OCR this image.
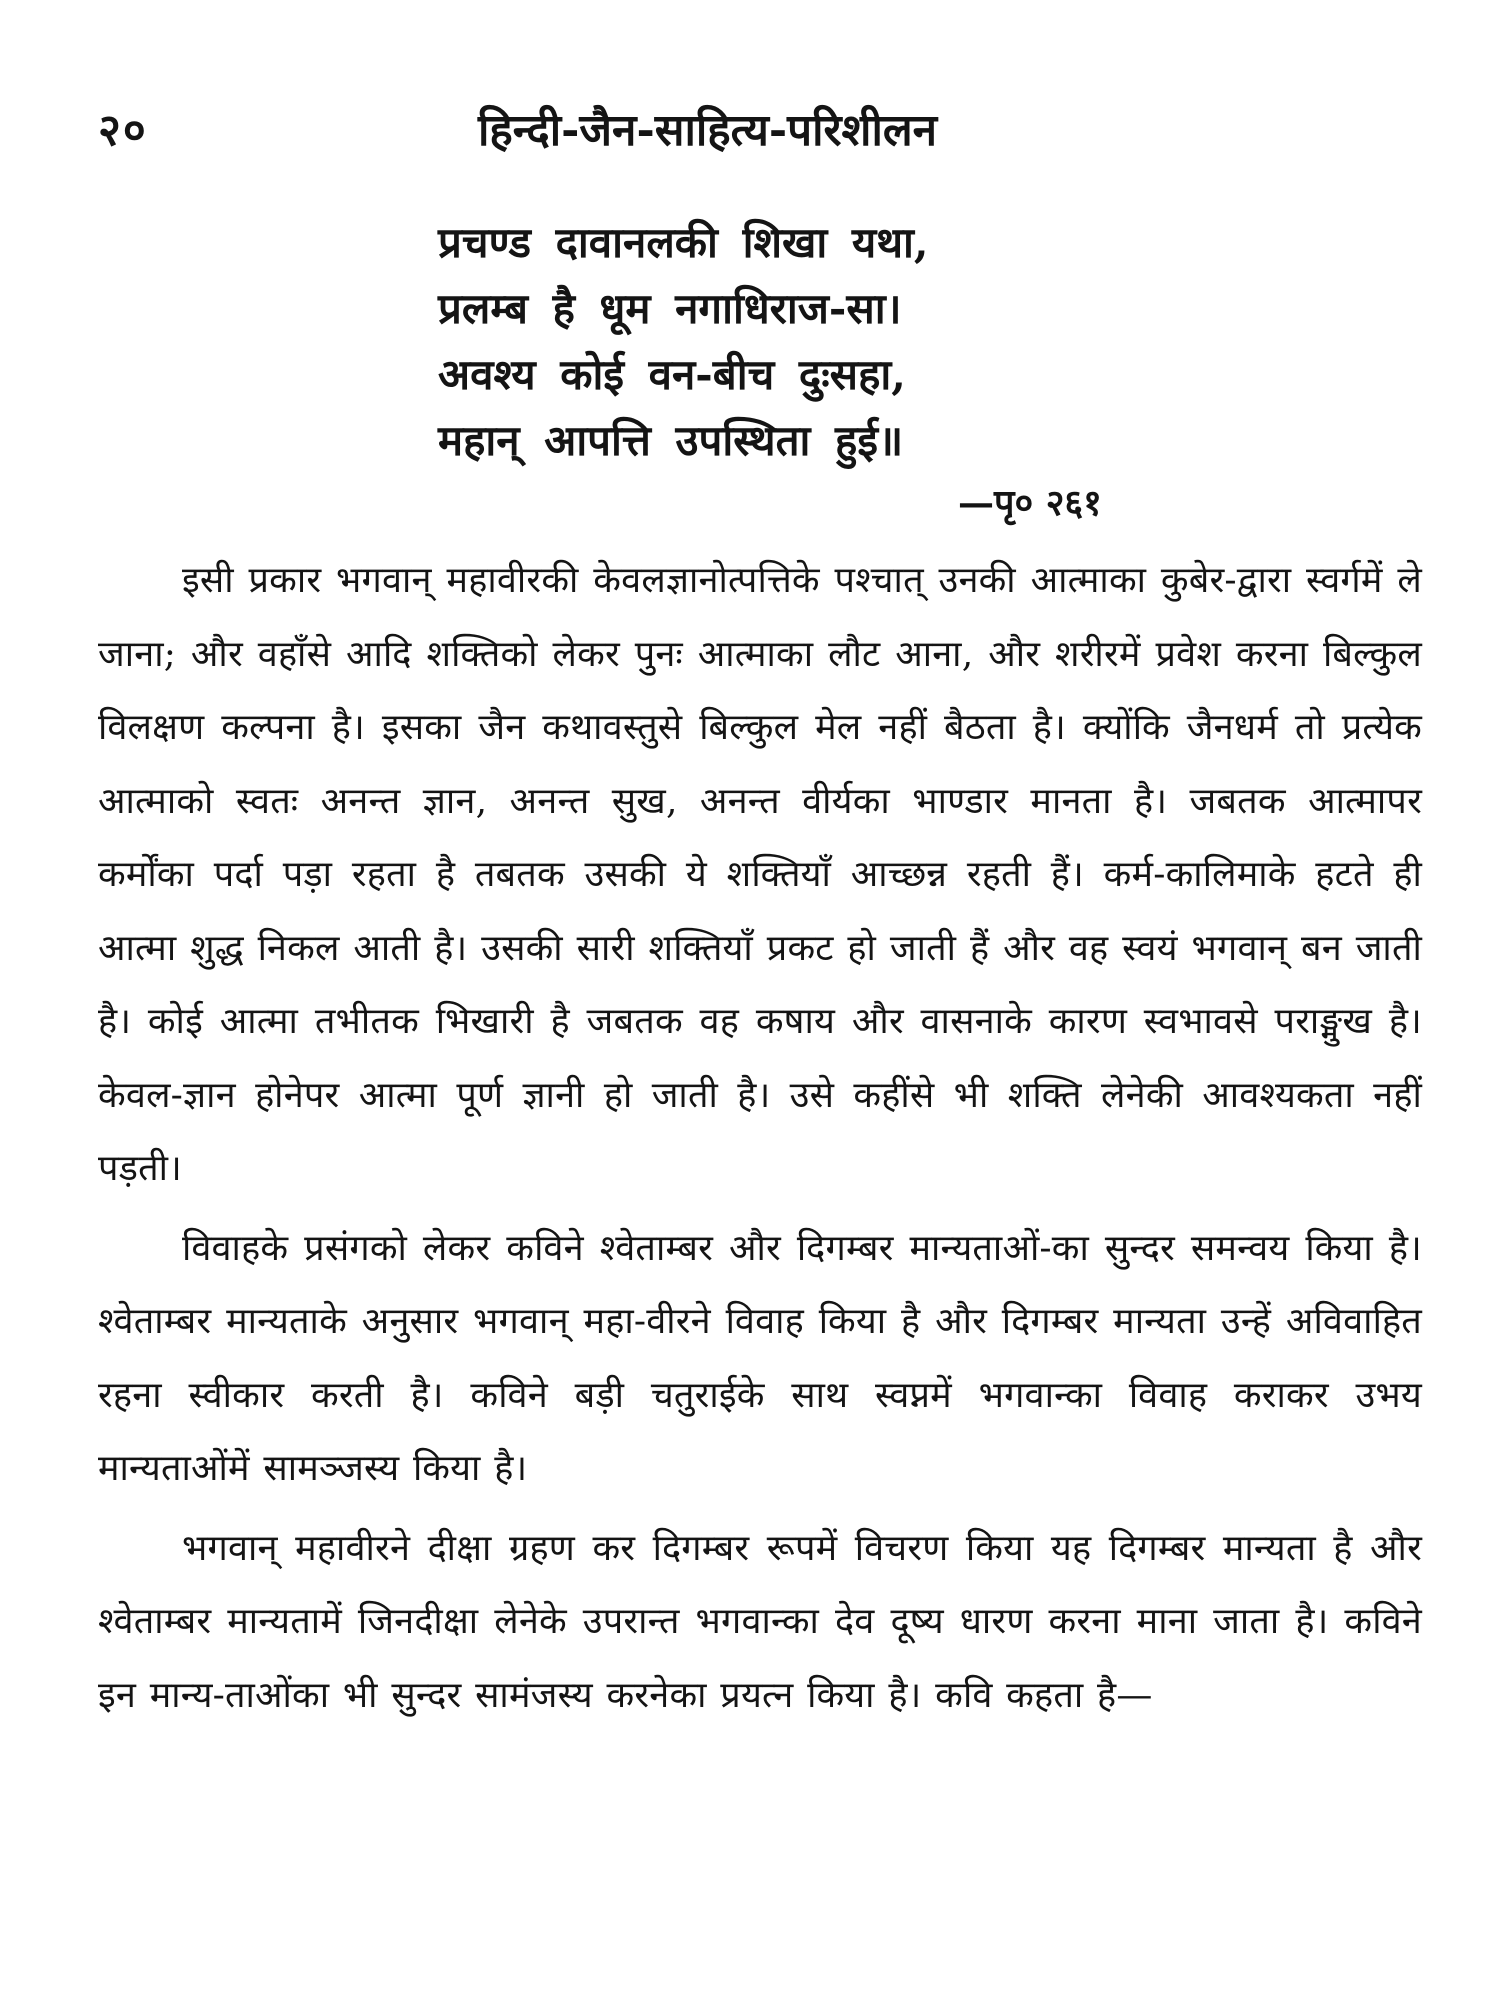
२०	हिन्दी-जैन-साहित्य-परिशीलन
प्रचण्ड दावानलकी शिखा यथा,
प्रलम्ब है धूम नगाधिराज-सा।
अवश्य कोई वन-बीच दुःसहा,
महान् आपत्ति उपस्थिता हुई॥
—पृ० २६१

इसी प्रकार भगवान् महावीरकी केवलज्ञानोत्पत्तिके पश्चात् उनकी आत्माका कुबेर-द्वारा स्वर्गमें ले जाना; और वहाँसे आदि शक्तिको लेकर पुनः आत्माका लौट आना, और शरीरमें प्रवेश करना बिल्कुल विलक्षण कल्पना है। इसका जैन कथावस्तुसे बिल्कुल मेल नहीं बैठता है। क्योंकि जैनधर्म तो प्रत्येक आत्माको स्वतः अनन्त ज्ञान, अनन्त सुख, अनन्त वीर्यका भाण्डार मानता है। जबतक आत्मापर कर्मोंका पर्दा पड़ा रहता है तबतक उसकी ये शक्तियाँ आच्छन्न रहती हैं। कर्म-कालिमाके हटते ही आत्मा शुद्ध निकल आती है। उसकी सारी शक्तियाँ प्रकट हो जाती हैं और वह स्वयं भगवान् बन जाती है। कोई आत्मा तभीतक भिखारी है जबतक वह कषाय और वासनाके कारण स्वभावसे पराङ्मुख है। केवल-ज्ञान होनेपर आत्मा पूर्ण ज्ञानी हो जाती है। उसे कहींसे भी शक्ति लेनेकी आवश्यकता नहीं पड़ती।

विवाहके प्रसंगको लेकर कविने श्वेताम्बर और दिगम्बर मान्यताओं-का सुन्दर समन्वय किया है। श्वेताम्बर मान्यताके अनुसार भगवान् महा-वीरने विवाह किया है और दिगम्बर मान्यता उन्हें अविवाहित रहना स्वीकार करती है। कविने बड़ी चतुराईके साथ स्वप्नमें भगवान्का विवाह कराकर उभय मान्यताओंमें सामञ्जस्य किया है।

भगवान् महावीरने दीक्षा ग्रहण कर दिगम्बर रूपमें विचरण किया यह दिगम्बर मान्यता है और श्वेताम्बर मान्यतामें जिनदीक्षा लेनेके उपरान्त भगवान्का देव दूष्य धारण करना माना जाता है। कविने इन मान्य-ताओंका भी सुन्दर सामंजस्य करनेका प्रयत्न किया है। कवि कहता है—
